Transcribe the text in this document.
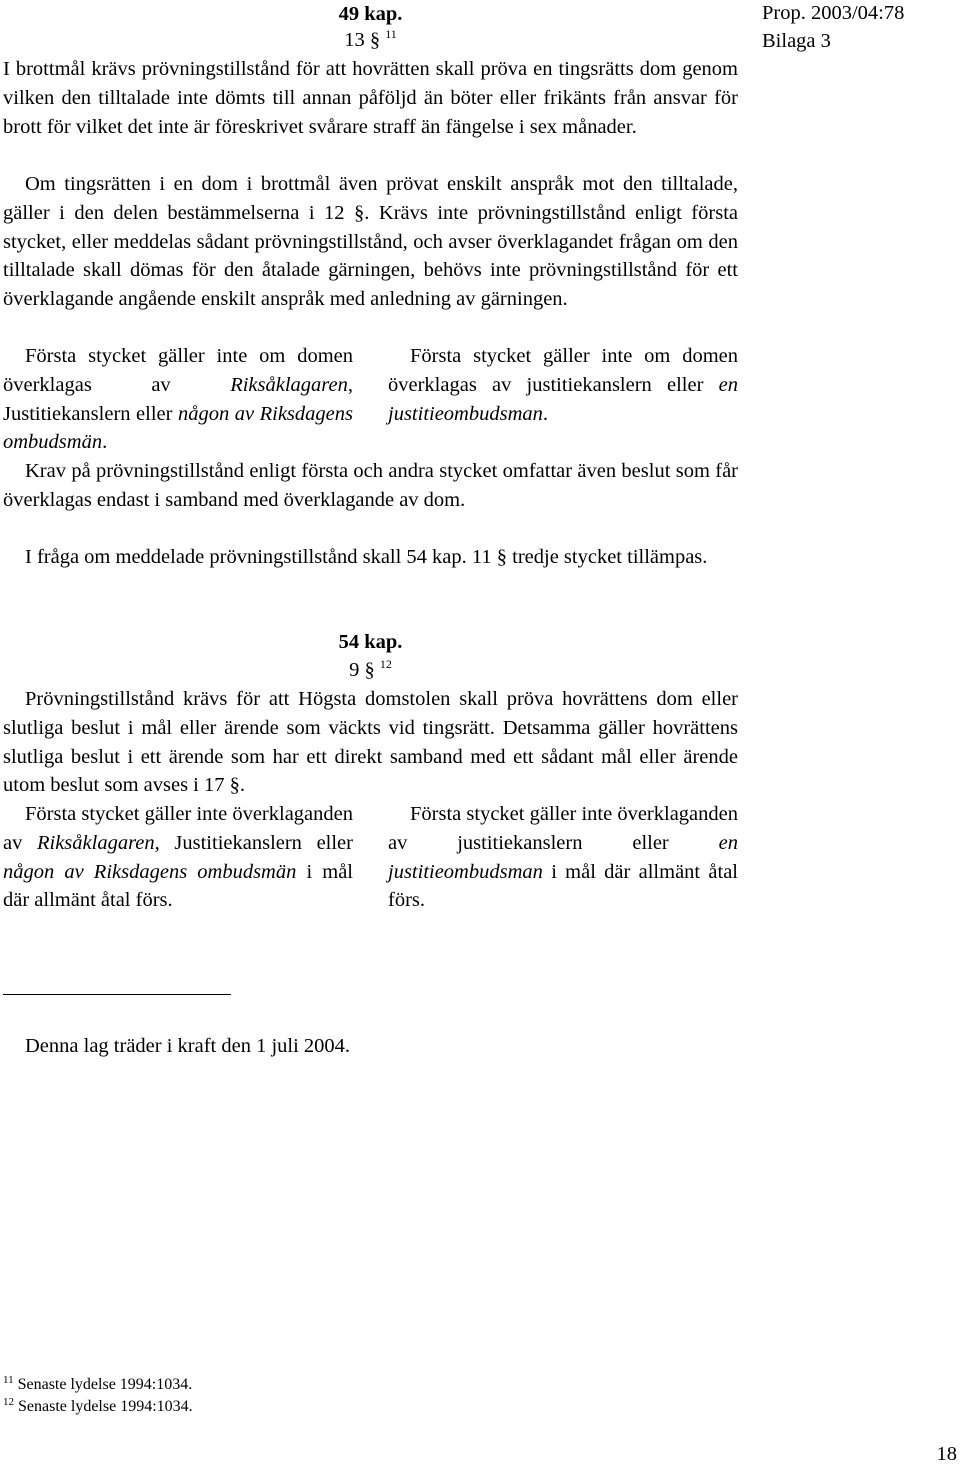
Prop. 2003/04:78
Bilaga 3
49 kap.
13 § $^{11}$
I brottmål krävs prövningstillstånd för att hovrätten skall pröva en tingsrätts dom genom vilken den tilltalade inte dömts till annan påföljd än böter eller frikänts från ansvar för brott för vilket det inte är föreskrivet svårare straff än fängelse i sex månader.
Om tingsrätten i en dom i brottmål även prövat enskilt anspråk mot den tilltalade, gäller i den delen bestämmelserna i 12 §. Krävs inte prövningstillstånd enligt första stycket, eller meddelas sådant prövningstillstånd, och avser överklagandet frågan om den tilltalade skall dömas för den åtalade gärningen, behövs inte prövningstillstånd för ett överklagande angående enskilt anspråk med anledning av gärningen.
Första stycket gäller inte om domen överklagas av Riksåklagaren, Justitiekanslern eller någon av Riksdagens ombudsmän.
Första stycket gäller inte om domen överklagas av justitiekanslern eller en justitieombudsman.
Krav på prövningstillstånd enligt första och andra stycket omfattar även beslut som får överklagas endast i samband med överklagande av dom.
I fråga om meddelade prövningstillstånd skall 54 kap. 11 § tredje stycket tillämpas.
54 kap.
9 § $^{12}$
Prövningstillstånd krävs för att Högsta domstolen skall pröva hovrättens dom eller slutliga beslut i mål eller ärende som väckts vid tingsrätt. Detsamma gäller hovrättens slutliga beslut i ett ärende som har ett direkt samband med ett sådant mål eller ärende utom beslut som avses i 17 §.
Första stycket gäller inte överklaganden av Riksåklagaren, Justitiekanslern eller någon av Riksdagens ombudsmän i mål där allmänt åtal förs.
Första stycket gäller inte överklaganden av justitiekanslern eller en justitieombudsman i mål där allmänt åtal förs.
Denna lag träder i kraft den 1 juli 2004.
$^{11}$ Senaste lydelse 1994:1034.
$^{12}$ Senaste lydelse 1994:1034.
18
